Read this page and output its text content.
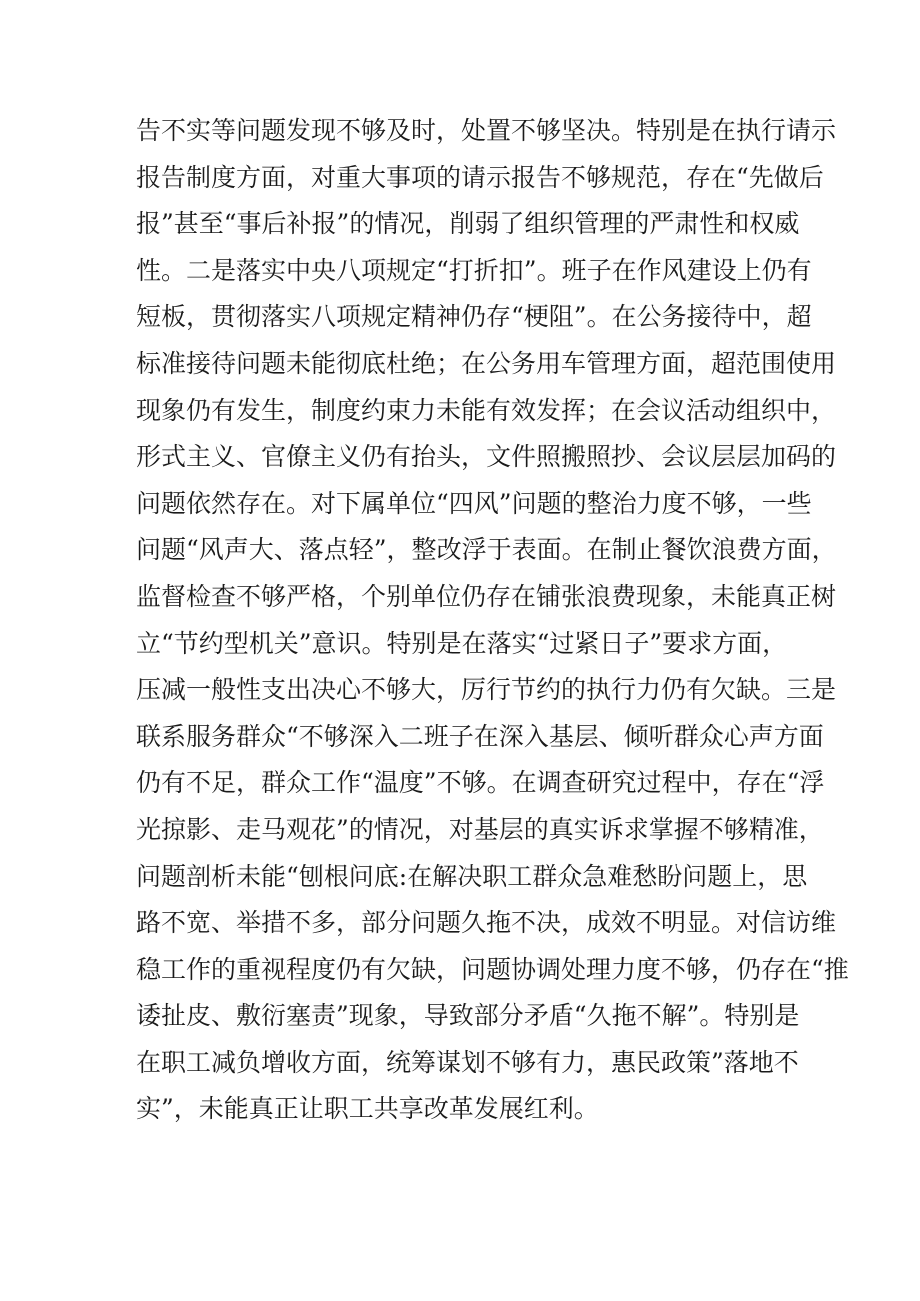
告不实等问题发现不够及时，处置不够坚决。特别是在执行请示
报告制度方面，对重大事项的请示报告不够规范，存在“先做后
报”甚至“事后补报”的情况，削弱了组织管理的严肃性和权威
性。二是落实中央八项规定“打折扣”。班子在作风建设上仍有
短板，贯彻落实八项规定精神仍存“梗阻”。在公务接待中，超
标准接待问题未能彻底杜绝；在公务用车管理方面，超范围使用
现象仍有发生，制度约束力未能有效发挥；在会议活动组织中，
形式主义、官僚主义仍有抬头，文件照搬照抄、会议层层加码的
问题依然存在。对下属单位“四风”问题的整治力度不够，一些
问题“风声大、落点轻”，整改浮于表面。在制止餐饮浪费方面，
监督检查不够严格，个别单位仍存在铺张浪费现象，未能真正树
立“节约型机关”意识。特别是在落实“过紧日子”要求方面，
压减一般性支出决心不够大，厉行节约的执行力仍有欠缺。三是
联系服务群众“不够深入二班子在深入基层、倾听群众心声方面
仍有不足，群众工作“温度”不够。在调查研究过程中，存在“浮
光掠影、走马观花”的情况，对基层的真实诉求掌握不够精准，
问题剖析未能“刨根问底:在解决职工群众急难愁盼问题上，思
路不宽、举措不多，部分问题久拖不决，成效不明显。对信访维
稳工作的重视程度仍有欠缺，问题协调处理力度不够，仍存在“推
诿扯皮、敷衍塞责”现象，导致部分矛盾“久拖不解”。特别是
在职工减负增收方面，统筹谋划不够有力，惠民政策”落地不
实”，未能真正让职工共享改革发展红利。
